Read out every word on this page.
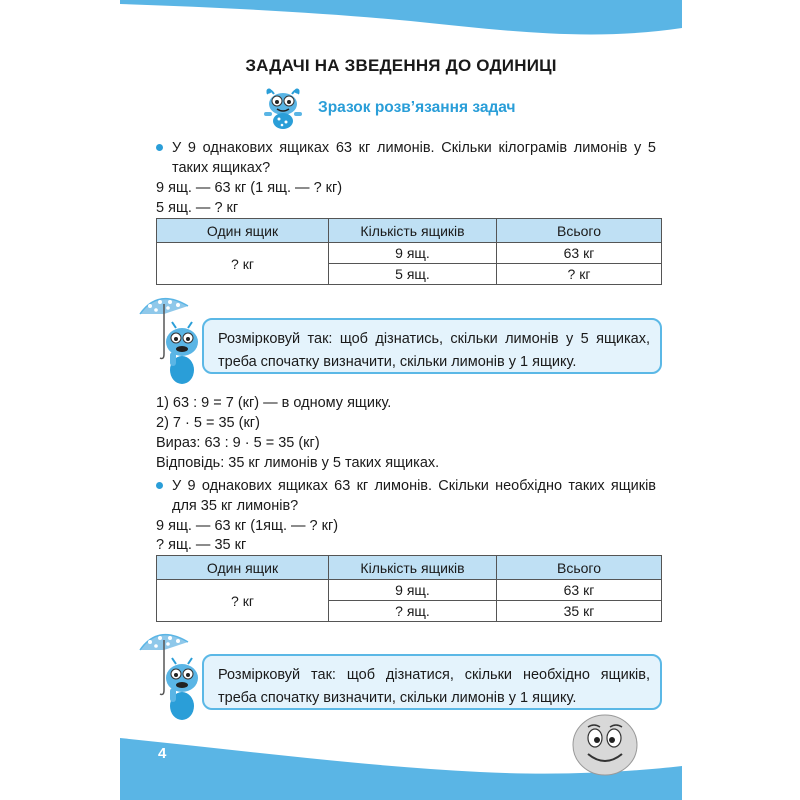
ЗАДАЧІ НА ЗВЕДЕННЯ ДО ОДИНИЦІ
Зразок розв’язання задач
У 9 однакових ящиках 63 кг лимонів. Скільки кілограмів лимонів у 5 таких ящиках?
9 ящ. — 63 кг (1 ящ. — ? кг)
5 ящ. — ? кг
Один ящик	Кількість ящиків	Всього
? кг	9 ящ.	63 кг
	5 ящ.	? кг
Розмірковуй так: щоб дізнатись, скільки лимонів у 5 ящиках, треба спочатку визначити, скільки лимонів у 1 ящику.
1) 63 : 9 = 7 (кг) — в одному ящику.
2) 7 · 5 = 35 (кг)
Вираз: 63 : 9 · 5 = 35 (кг)
Відповідь: 35 кг лимонів у 5 таких ящиках.
У 9 однакових ящиках 63 кг лимонів. Скільки необхідно таких ящиків для 35 кг лимонів?
9 ящ. — 63 кг (1ящ. — ? кг)
? ящ. — 35 кг
Один ящик	Кількість ящиків	Всього
? кг	9 ящ.	63 кг
	? ящ.	35 кг
Розмірковуй так: щоб дізнатися, скільки необхідно ящиків, треба спочатку визначити, скільки лимонів у 1 ящику.
4
